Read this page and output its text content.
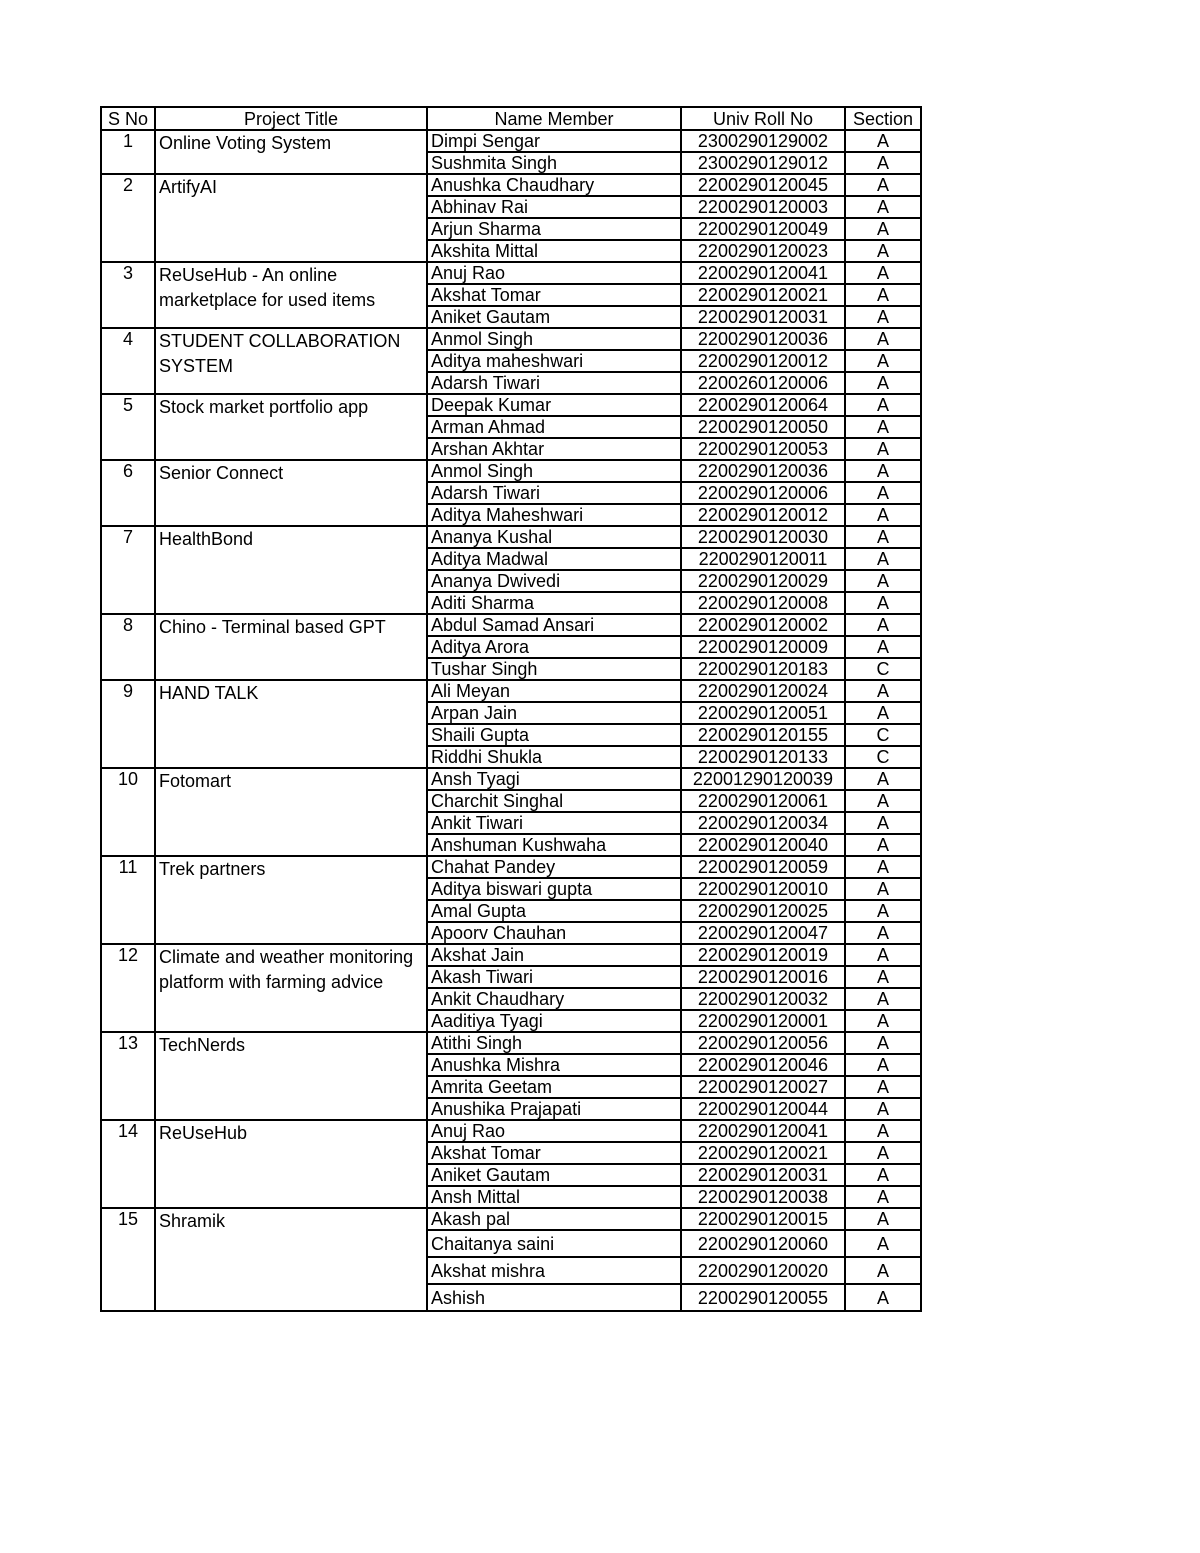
S No	Project Title	Name Member	Univ Roll No	Section
1	Online Voting System	Dimpi Sengar	2300290129002	A
		Sushmita Singh	2300290129012	A
2	ArtifyAI	Anushka Chaudhary	2200290120045	A
		Abhinav Rai	2200290120003	A
		Arjun Sharma	2200290120049	A
		Akshita Mittal	2200290120023	A
3	ReUseHub - An online marketplace for used items	Anuj Rao	2200290120041	A
		Akshat Tomar	2200290120021	A
		Aniket Gautam	2200290120031	A
4	STUDENT COLLABORATION SYSTEM	Anmol Singh	2200290120036	A
		Aditya maheshwari	2200290120012	A
		Adarsh Tiwari	2200260120006	A
5	Stock market portfolio app	Deepak Kumar	2200290120064	A
		Arman Ahmad	2200290120050	A
		Arshan Akhtar	2200290120053	A
6	Senior Connect	Anmol Singh	2200290120036	A
		Adarsh Tiwari	2200290120006	A
		Aditya Maheshwari	2200290120012	A
7	HealthBond	Ananya Kushal	2200290120030	A
		Aditya Madwal	2200290120011	A
		Ananya Dwivedi	2200290120029	A
		Aditi Sharma	2200290120008	A
8	Chino - Terminal based GPT	Abdul Samad Ansari	2200290120002	A
		Aditya Arora	2200290120009	A
		Tushar Singh	2200290120183	C
9	HAND TALK	Ali Meyan	2200290120024	A
		Arpan Jain	2200290120051	A
		Shaili Gupta	2200290120155	C
		Riddhi Shukla	2200290120133	C
10	Fotomart	Ansh Tyagi	22001290120039	A
		Charchit Singhal	2200290120061	A
		Ankit Tiwari	2200290120034	A
		Anshuman Kushwaha	2200290120040	A
11	Trek partners	Chahat Pandey	2200290120059	A
		Aditya biswari gupta	2200290120010	A
		Amal Gupta	2200290120025	A
		Apoorv Chauhan	2200290120047	A
12	Climate and weather monitoring platform with farming advice	Akshat Jain	2200290120019	A
		Akash Tiwari	2200290120016	A
		Ankit Chaudhary	2200290120032	A
		Aaditiya Tyagi	2200290120001	A
13	TechNerds	Atithi Singh	2200290120056	A
		Anushka Mishra	2200290120046	A
		Amrita Geetam	2200290120027	A
		Anushika Prajapati	2200290120044	A
14	ReUseHub	Anuj Rao	2200290120041	A
		Akshat Tomar	2200290120021	A
		Aniket Gautam	2200290120031	A
		Ansh Mittal	2200290120038	A
15	Shramik	Akash pal	2200290120015	A
		Chaitanya saini	2200290120060	A
		Akshat mishra	2200290120020	A
		Ashish	2200290120055	A
